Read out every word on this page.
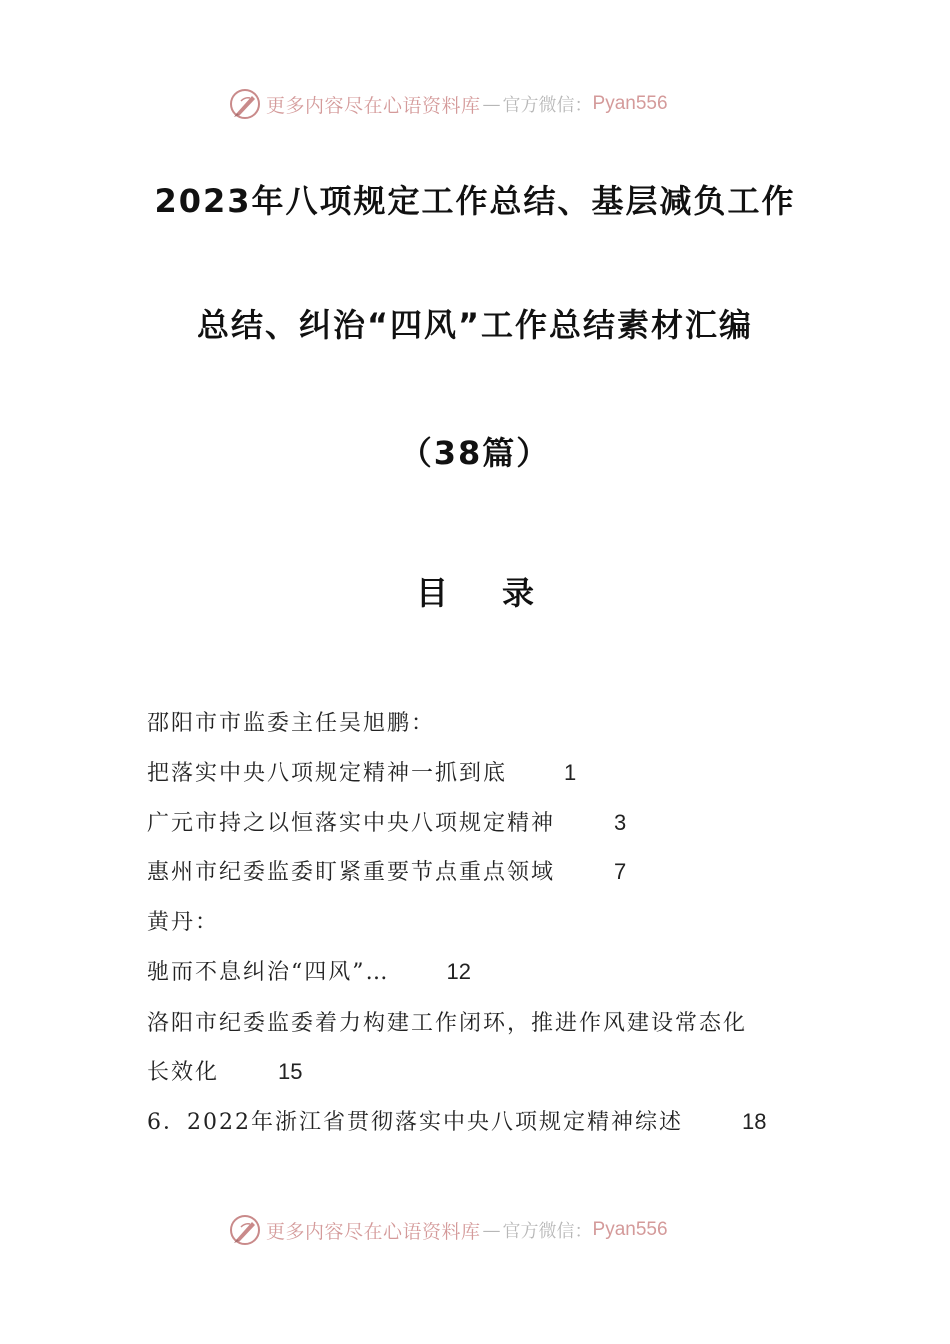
更多内容尽在心语资料库 — 官方微信： Pyan556
2023年八项规定工作总结、基层减负工作
总结、纠治“四风”工作总结素材汇编
（38篇）
目录
邵阳市市监委主任吴旭鹏：
把落实中央八项规定精神一抓到底	1
广元市持之以恒落实中央八项规定精神	3
惠州市纪委监委盯紧重要节点重点领域	7
黄丹：
驰而不息纠治“四风”…	12
洛阳市纪委监委着力构建工作闭环，推进作风建设常态化
长效化	15
6．2022年浙江省贯彻落实中央八项规定精神综述	18
更多内容尽在心语资料库 — 官方微信： Pyan556
